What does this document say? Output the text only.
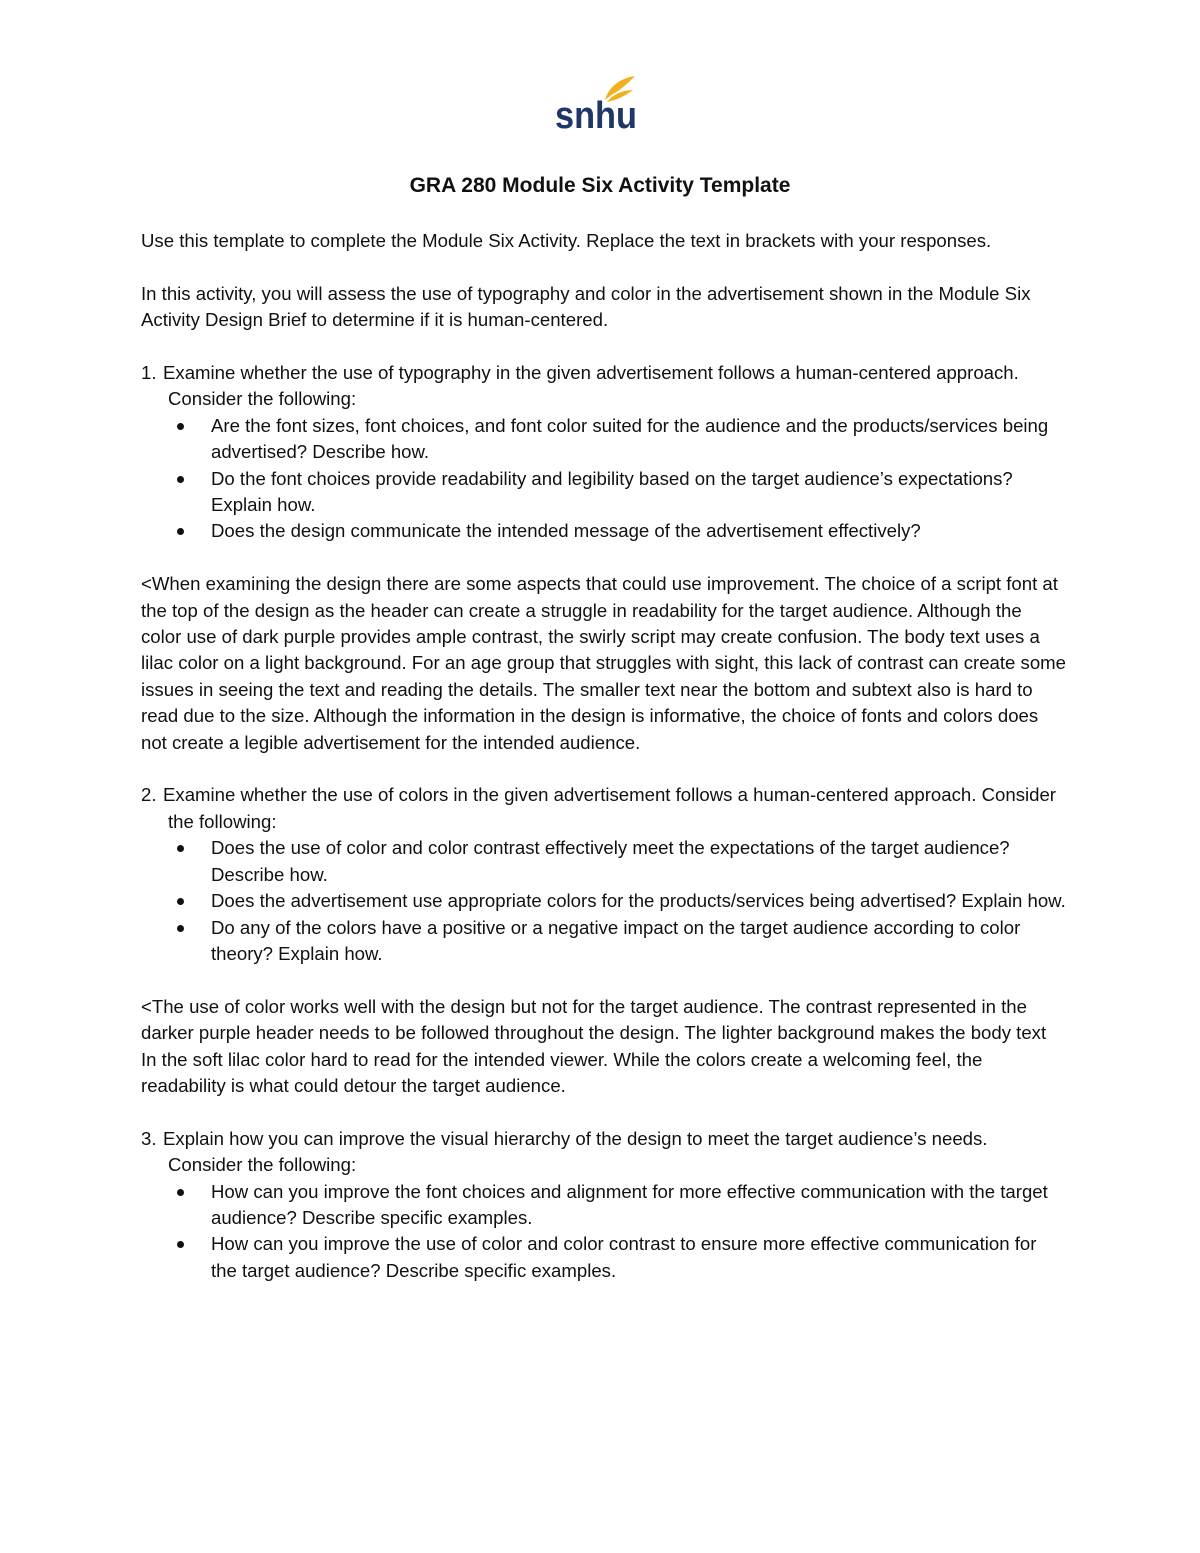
snhu
GRA 280 Module Six Activity Template

Use this template to complete the Module Six Activity. Replace the text in brackets with your responses.

In this activity, you will assess the use of typography and color in the advertisement shown in the Module Six Activity Design Brief to determine if it is human-centered.

1. Examine whether the use of typography in the given advertisement follows a human-centered approach. Consider the following:

Are the font sizes, font choices, and font color suited for the audience and the products/services being advertised? Describe how.
Do the font choices provide readability and legibility based on the target audience’s expectations? Explain how.
Does the design communicate the intended message of the advertisement effectively?

<When examining the design there are some aspects that could use improvement. The choice of a script font at the top of the design as the header can create a struggle in readability for the target audience. Although the color use of dark purple provides ample contrast, the swirly script may create confusion. The body text uses a lilac color on a light background. For an age group that struggles with sight, this lack of contrast can create some issues in seeing the text and reading the details. The smaller text near the bottom and subtext also is hard to read due to the size. Although the information in the design is informative, the choice of fonts and colors does not create a legible advertisement for the intended audience.

2. Examine whether the use of colors in the given advertisement follows a human-centered approach. Consider the following:

Does the use of color and color contrast effectively meet the expectations of the target audience? Describe how.
Does the advertisement use appropriate colors for the products/services being advertised? Explain how.
Do any of the colors have a positive or a negative impact on the target audience according to color theory? Explain how.

<The use of color works well with the design but not for the target audience. The contrast represented in the darker purple header needs to be followed throughout the design. The lighter background makes the body text In the soft lilac color hard to read for the intended viewer. While the colors create a welcoming feel, the readability is what could detour the target audience.

3. Explain how you can improve the visual hierarchy of the design to meet the target audience’s needs. Consider the following:

How can you improve the font choices and alignment for more effective communication with the target audience? Describe specific examples.
How can you improve the use of color and color contrast to ensure more effective communication for the target audience? Describe specific examples.
